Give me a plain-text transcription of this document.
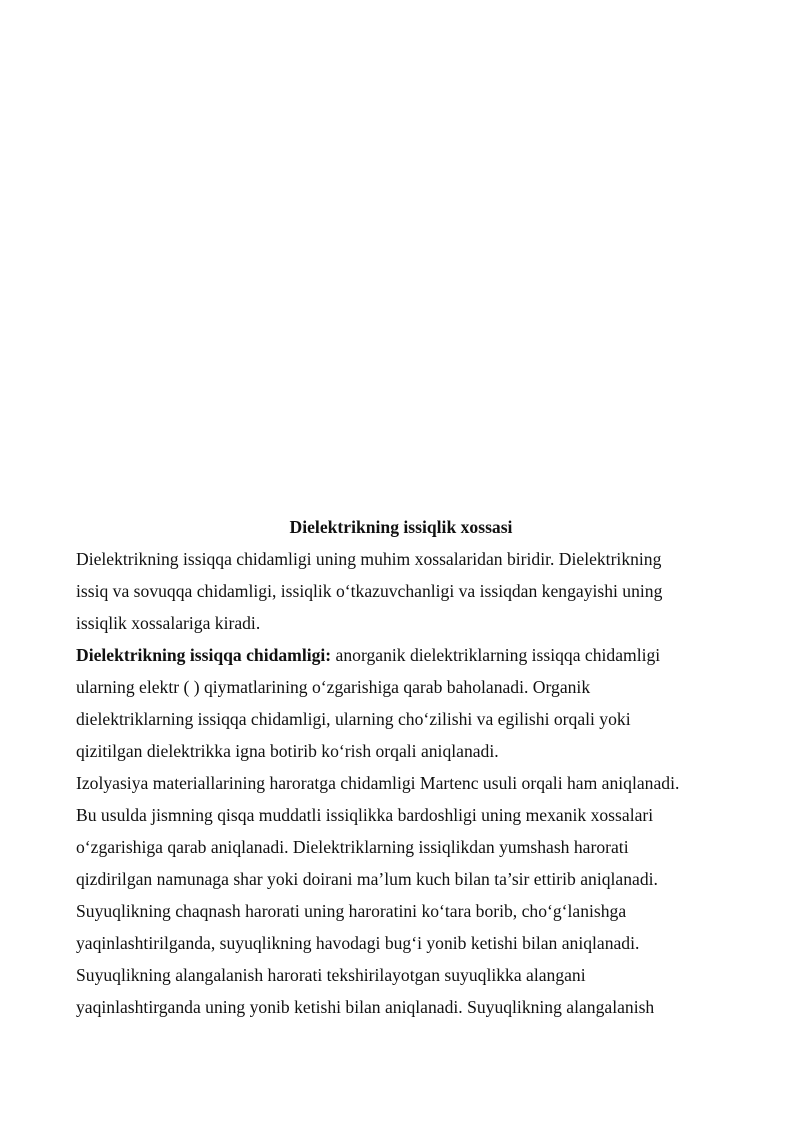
Dielektrikning issiqlik xossasi

Dielektrikning issiqqa chidamligi uning muhim xossalaridan biridir. Dielektrikning
issiq va sovuqqa chidamligi, issiqlik o‘tkazuvchanligi va issiqdan kengayishi uning
issiqlik xossalariga kiradi.
Dielektrikning issiqqa chidamligi: anorganik dielektriklarning issiqqa chidamligi
ularning elektr ( ) qiymatlarining o‘zgarishiga qarab baholanadi. Organik
dielektriklarning issiqqa chidamligi, ularning cho‘zilishi va egilishi orqali yoki
qizitilgan dielektrikka igna botirib ko‘rish orqali aniqlanadi.
Izolyasiya materiallarining haroratga chidamligi Martenc usuli orqali ham aniqlanadi.
Bu usulda jismning qisqa muddatli issiqlikka bardoshligi uning mexanik xossalari
o‘zgarishiga qarab aniqlanadi. Dielektriklarning issiqlikdan yumshash harorati
qizdirilgan namunaga shar yoki doirani ma’lum kuch bilan ta’sir ettirib aniqlanadi.
Suyuqlikning chaqnash harorati uning haroratini ko‘tara borib, cho‘g‘lanishga
yaqinlashtirilganda, suyuqlikning havodagi bug‘i yonib ketishi bilan aniqlanadi.
Suyuqlikning alangalanish harorati tekshirilayotgan suyuqlikka alangani
yaqinlashtirganda uning yonib ketishi bilan aniqlanadi. Suyuqlikning alangalanish
